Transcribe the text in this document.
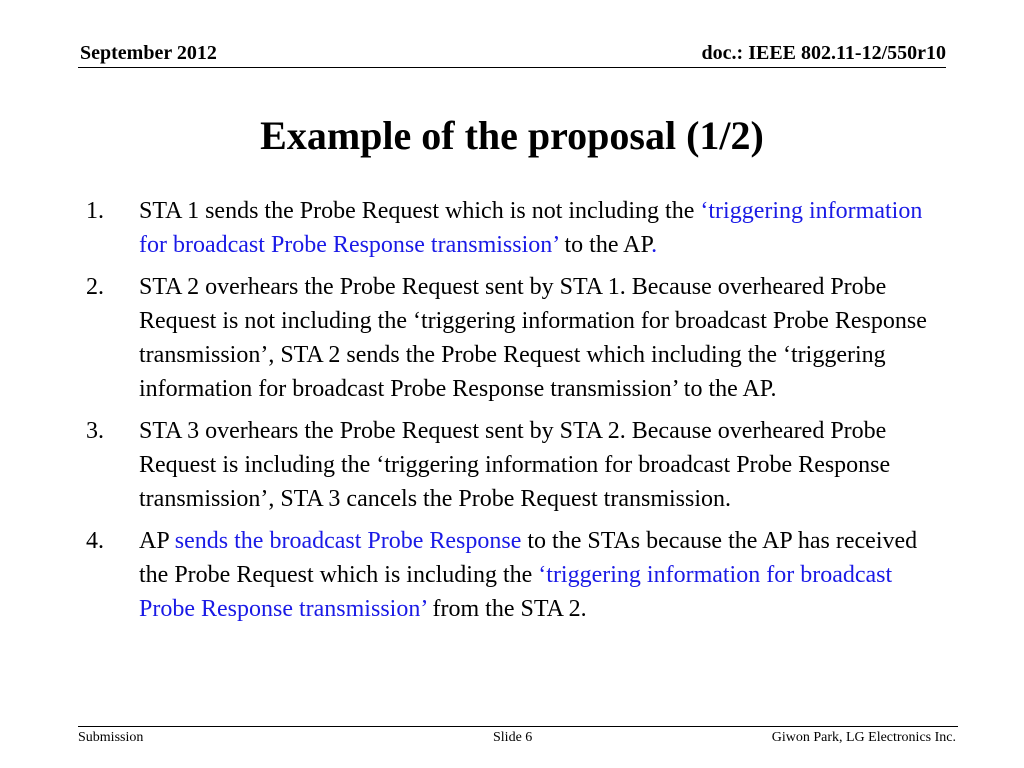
September 2012	doc.: IEEE 802.11-12/550r10
Example of the proposal (1/2)
1. STA 1 sends the Probe Request which is not including the ‘triggering information for broadcast Probe Response transmission’ to the AP.
2. STA 2 overhears the Probe Request sent by STA 1. Because overheared Probe Request is not including the ‘triggering information for broadcast Probe Response transmission’, STA 2 sends the Probe Request which including the ‘triggering information for broadcast Probe Response transmission’ to the AP.
3. STA 3 overhears the Probe Request sent by STA 2. Because overheared Probe Request is including the ‘triggering information for broadcast Probe Response transmission’, STA 3 cancels the Probe Request transmission.
4. AP sends the broadcast Probe Response to the STAs because the AP has received the Probe Request which is including the ‘triggering information for broadcast Probe Response transmission’ from the STA 2.
Submission	Slide 6	Giwon Park, LG Electronics Inc.
